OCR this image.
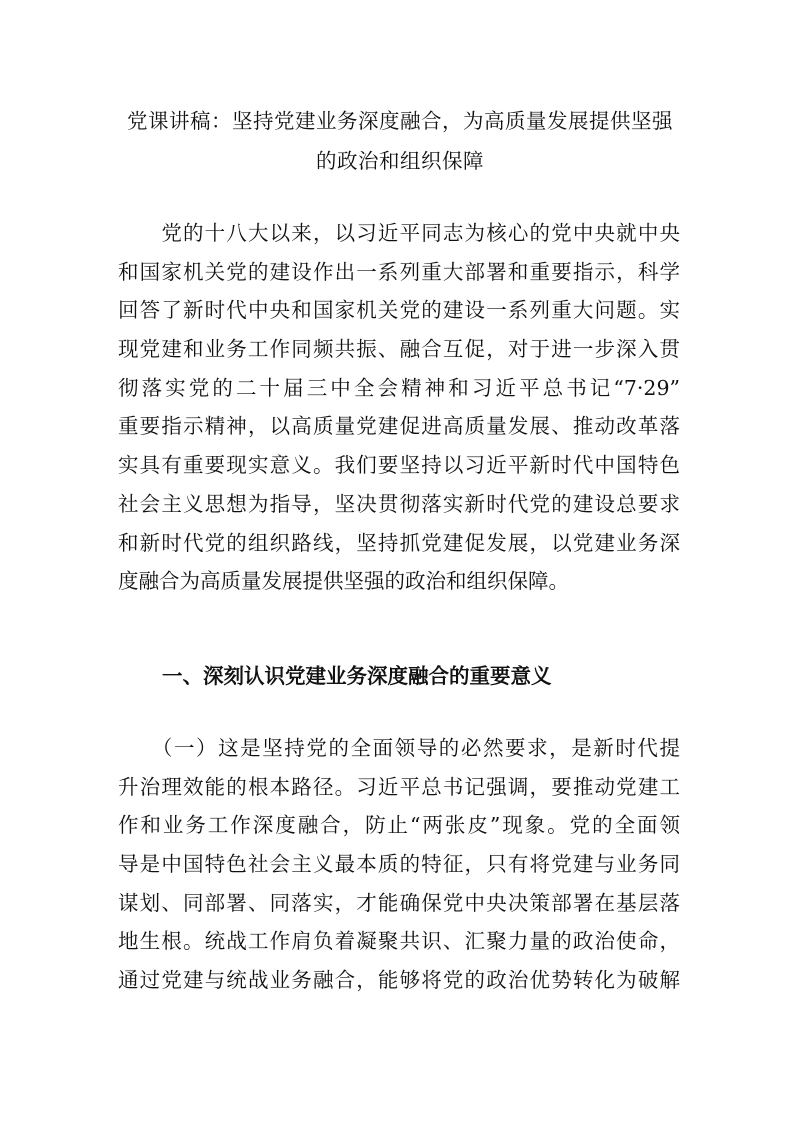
党课讲稿：坚持党建业务深度融合，为高质量发展提供坚强
的政治和组织保障

　　党的十八大以来，以习近平同志为核心的党中央就中央
和国家机关党的建设作出一系列重大部署和重要指示，科学
回答了新时代中央和国家机关党的建设一系列重大问题。实
现党建和业务工作同频共振、融合互促，对于进一步深入贯
彻落实党的二十届三中全会精神和习近平总书记“7·29”
重要指示精神，以高质量党建促进高质量发展、推动改革落
实具有重要现实意义。我们要坚持以习近平新时代中国特色
社会主义思想为指导，坚决贯彻落实新时代党的建设总要求
和新时代党的组织路线，坚持抓党建促发展，以党建业务深
度融合为高质量发展提供坚强的政治和组织保障。

一、深刻认识党建业务深度融合的重要意义

　　（一）这是坚持党的全面领导的必然要求，是新时代提
升治理效能的根本路径。习近平总书记强调，要推动党建工
作和业务工作深度融合，防止“两张皮”现象。党的全面领
导是中国特色社会主义最本质的特征，只有将党建与业务同
谋划、同部署、同落实，才能确保党中央决策部署在基层落
地生根。统战工作肩负着凝聚共识、汇聚力量的政治使命，
通过党建与统战业务融合，能够将党的政治优势转化为破解
